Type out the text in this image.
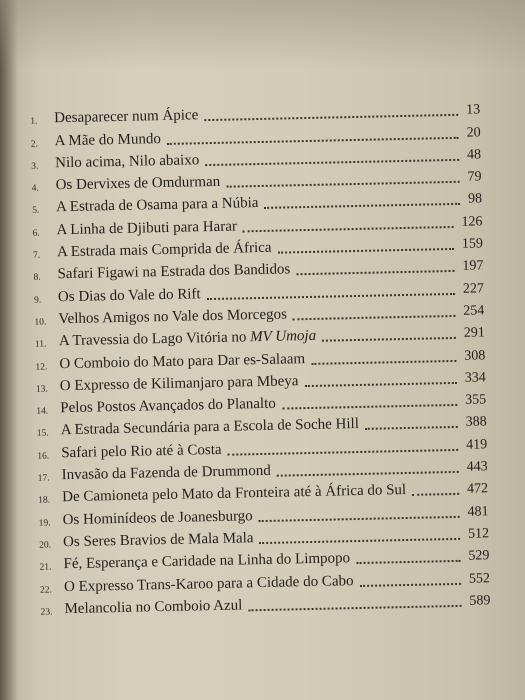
1.	Desaparecer num Ápice	13
2.	A Mãe do Mundo	20
3.	Nilo acima, Nilo abaixo	48
4.	Os Dervixes de Omdurman	79
5.	A Estrada de Osama para a Núbia	98
6.	A Linha de Djibuti para Harar	126
7.	A Estrada mais Comprida de África	159
8.	Safari Figawi na Estrada dos Bandidos	197
9.	Os Dias do Vale do Rift	227
10. Velhos Amigos no Vale dos Morcegos	254
11. A Travessia do Lago Vitória no MV Umoja	291
12. O Comboio do Mato para Dar es-Salaam	308
13. O Expresso de Kilimanjaro para Mbeya	334
14. Pelos Postos Avançados do Planalto	355
15. A Estrada Secundária para a Escola de Soche Hill	388
16. Safari pelo Rio até à Costa	419
17. Invasão da Fazenda de Drummond	443
18. De Camioneta pelo Mato da Fronteira até à África do Sul	472
19. Os Hominídeos de Joanesburgo	481
20. Os Seres Bravios de Mala Mala	512
21. Fé, Esperança e Caridade na Linha do Limpopo	529
22. O Expresso Trans-Karoo para a Cidade do Cabo	552
23. Melancolia no Comboio Azul	589
